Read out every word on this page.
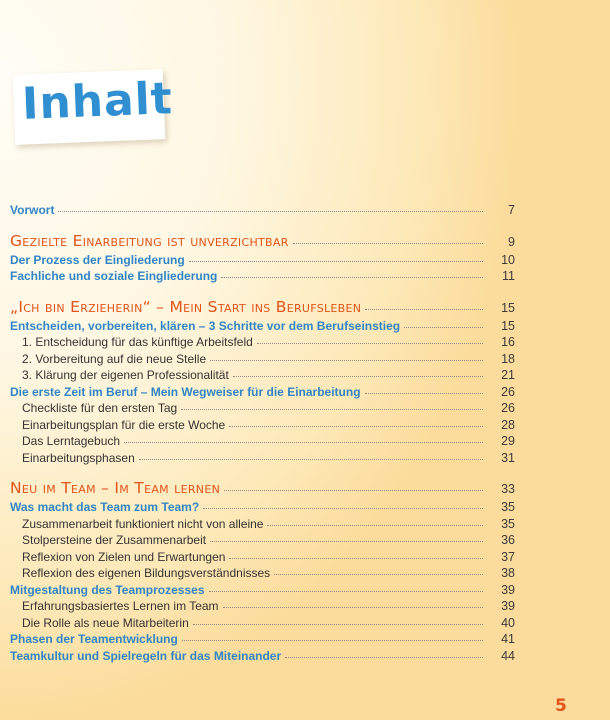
Inhalt
Vorwort	7
Gezielte Einarbeitung ist unverzichtbar	9
Der Prozess der Eingliederung	10
Fachliche und soziale Eingliederung	11
„Ich bin Erzieherin“ – Mein Start ins Berufsleben	15
Entscheiden, vorbereiten, klären – 3 Schritte vor dem Berufseinstieg	15
1. Entscheidung für das künftige Arbeitsfeld	16
2. Vorbereitung auf die neue Stelle	18
3. Klärung der eigenen Professionalität	21
Die erste Zeit im Beruf – Mein Wegweiser für die Einarbeitung	26
Checkliste für den ersten Tag	26
Einarbeitungsplan für die erste Woche	28
Das Lerntagebuch	29
Einarbeitungsphasen	31
Neu im Team – Im Team lernen	33
Was macht das Team zum Team?	35
Zusammenarbeit funktioniert nicht von alleine	35
Stolpersteine der Zusammenarbeit	36
Reflexion von Zielen und Erwartungen	37
Reflexion des eigenen Bildungsverständnisses	38
Mitgestaltung des Teamprozesses	39
Erfahrungsbasiertes Lernen im Team	39
Die Rolle als neue Mitarbeiterin	40
Phasen der Teamentwicklung	41
Teamkultur und Spielregeln für das Miteinander	44
5
